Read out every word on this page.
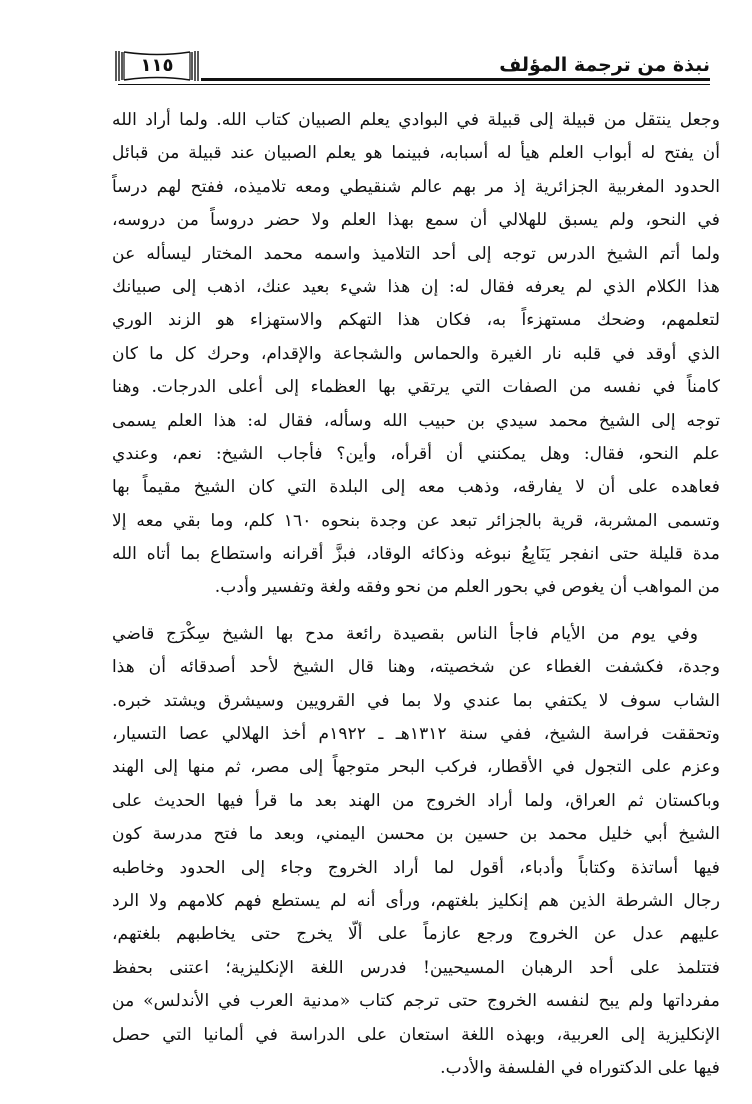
نبذة من ترجمة المؤلف
١١٥
وجعل ينتقل من قبيلة إلى قبيلة في البوادي يعلم الصبيان كتاب الله. ولما أراد الله
أن يفتح له أبواب العلم هيأ له أسبابه، فبينما هو يعلم الصبيان عند قبيلة من قبائل
الحدود المغربية الجزائرية إذ مر بهم عالم شنقيطي ومعه تلاميذه، ففتح لهم درساً
في النحو، ولم يسبق للهلالي أن سمع بهذا العلم ولا حضر دروساً من دروسه،
ولما أتم الشيخ الدرس توجه إلى أحد التلاميذ واسمه محمد المختار ليسأله عن
هذا الكلام الذي لم يعرفه فقال له: إن هذا شيء بعيد عنك، اذهب إلى صبيانك
لتعلمهم، وضحك مستهزءاً به، فكان هذا التهكم والاستهزاء هو الزند الوري
الذي أوقد في قلبه نار الغيرة والحماس والشجاعة والإقدام، وحرك كل ما كان
كامناً في نفسه من الصفات التي يرتقي بها العظماء إلى أعلى الدرجات. وهنا
توجه إلى الشيخ محمد سيدي بن حبيب الله وسأله، فقال له: هذا العلم يسمى
علم النحو، فقال: وهل يمكنني أن أقرأه، وأين؟ فأجاب الشيخ: نعم، وعندي
فعاهده على أن لا يفارقه، وذهب معه إلى البلدة التي كان الشيخ مقيماً بها
وتسمى المشربة، قرية بالجزائر تبعد عن وجدة بنحوه ١٦٠ كلم، وما بقي معه إلا
مدة قليلة حتى انفجر يَنَابِعُ نبوغه وذكائه الوقاد، فبزَّ أقرانه واستطاع بما أتاه الله
من المواهب أن يغوص في بحور العلم من نحو وفقه ولغة وتفسير وأدب.
وفي يوم من الأيام فاجأ الناس بقصيدة رائعة مدح بها الشيخ سِكْرَج قاضي
وجدة، فكشفت الغطاء عن شخصيته، وهنا قال الشيخ لأحد أصدقائه أن هذا
الشاب سوف لا يكتفي بما عندي ولا بما في القرويين وسيشرق ويشتد خبره.
وتحققت فراسة الشيخ، ففي سنة ١٣١٢هـ ـ ١٩٢٢م أخذ الهلالي عصا التسيار،
وعزم على التجول في الأقطار، فركب البحر متوجهاً إلى مصر، ثم منها إلى الهند
وباكستان ثم العراق، ولما أراد الخروج من الهند بعد ما قرأ فيها الحديث على
الشيخ أبي خليل محمد بن حسين بن محسن اليمني، وبعد ما فتح مدرسة كون
فيها أساتذة وكتاباً وأدباء، أقول لما أراد الخروج وجاء إلى الحدود وخاطبه
رجال الشرطة الذين هم إنكليز بلغتهم، ورأى أنه لم يستطع فهم كلامهم ولا الرد
عليهم عدل عن الخروج ورجع عازماً على ألّا يخرج حتى يخاطبهم بلغتهم،
فتتلمذ على أحد الرهبان المسيحيين! فدرس اللغة الإنكليزية؛ اعتنى بحفظ
مفرداتها ولم يبح لنفسه الخروج حتى ترجم كتاب «مدنية العرب في الأندلس» من
الإنكليزية إلى العربية، وبهذه اللغة استعان على الدراسة في ألمانيا التي حصل
فيها على الدكتوراه في الفلسفة والأدب.
